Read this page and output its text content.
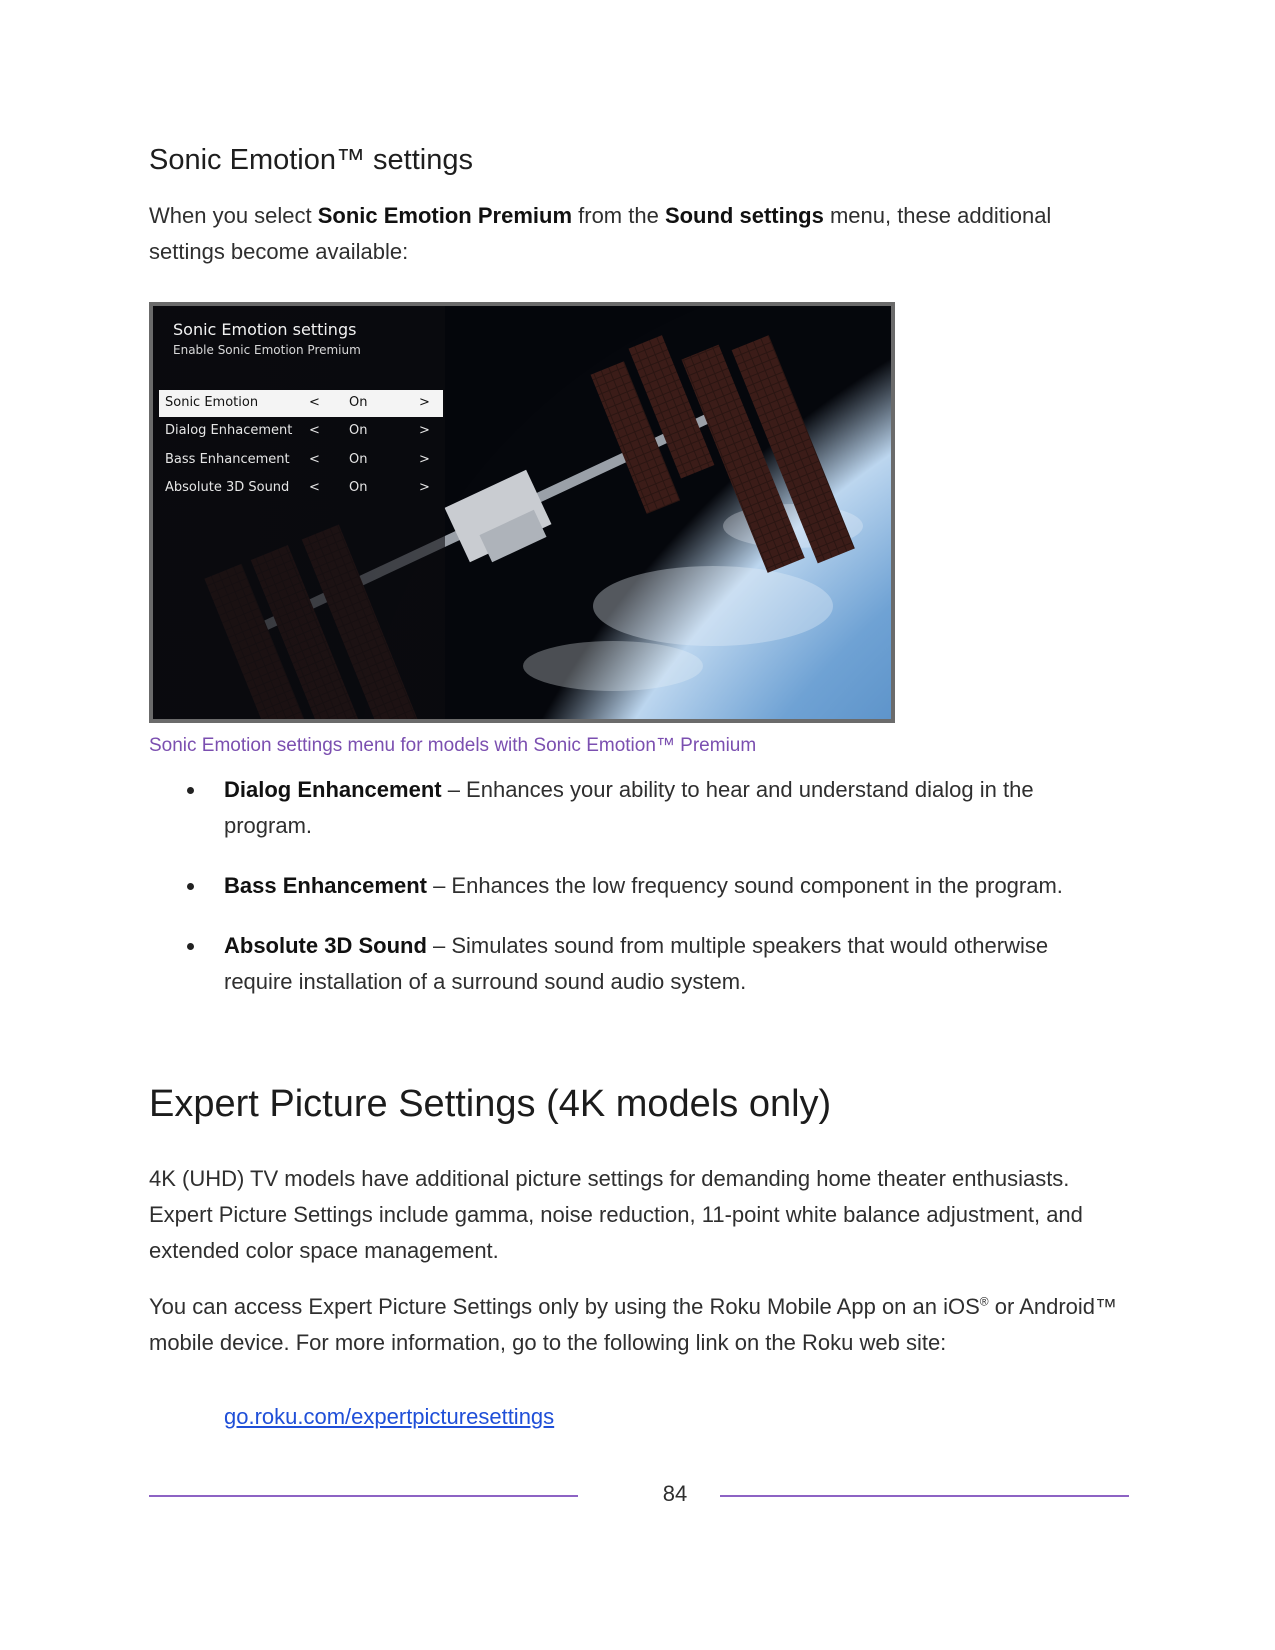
Sonic Emotion™ settings

When you select Sonic Emotion Premium from the Sound settings menu, these additional settings become available:

Sonic Emotion settings
Enable Sonic Emotion Premium
Sonic Emotion	< On	>
Dialog Enhacement < On	>
Bass Enhancement < On	>
Absolute 3D Sound < On	>

Sonic Emotion settings menu for models with Sonic Emotion™ Premium

Dialog Enhancement – Enhances your ability to hear and understand dialog in the program.
Bass Enhancement – Enhances the low frequency sound component in the program.
Absolute 3D Sound – Simulates sound from multiple speakers that would otherwise require installation of a surround sound audio system.
Expert Picture Settings (4K models only)

4K (UHD) TV models have additional picture settings for demanding home theater enthusiasts. Expert Picture Settings include gamma, noise reduction, 11-point white balance adjustment, and extended color space management.

You can access Expert Picture Settings only by using the Roku Mobile App on an iOS® or Android™ mobile device. For more information, go to the following link on the Roku web site:

go.roku.com/expertpicturesettings
84
